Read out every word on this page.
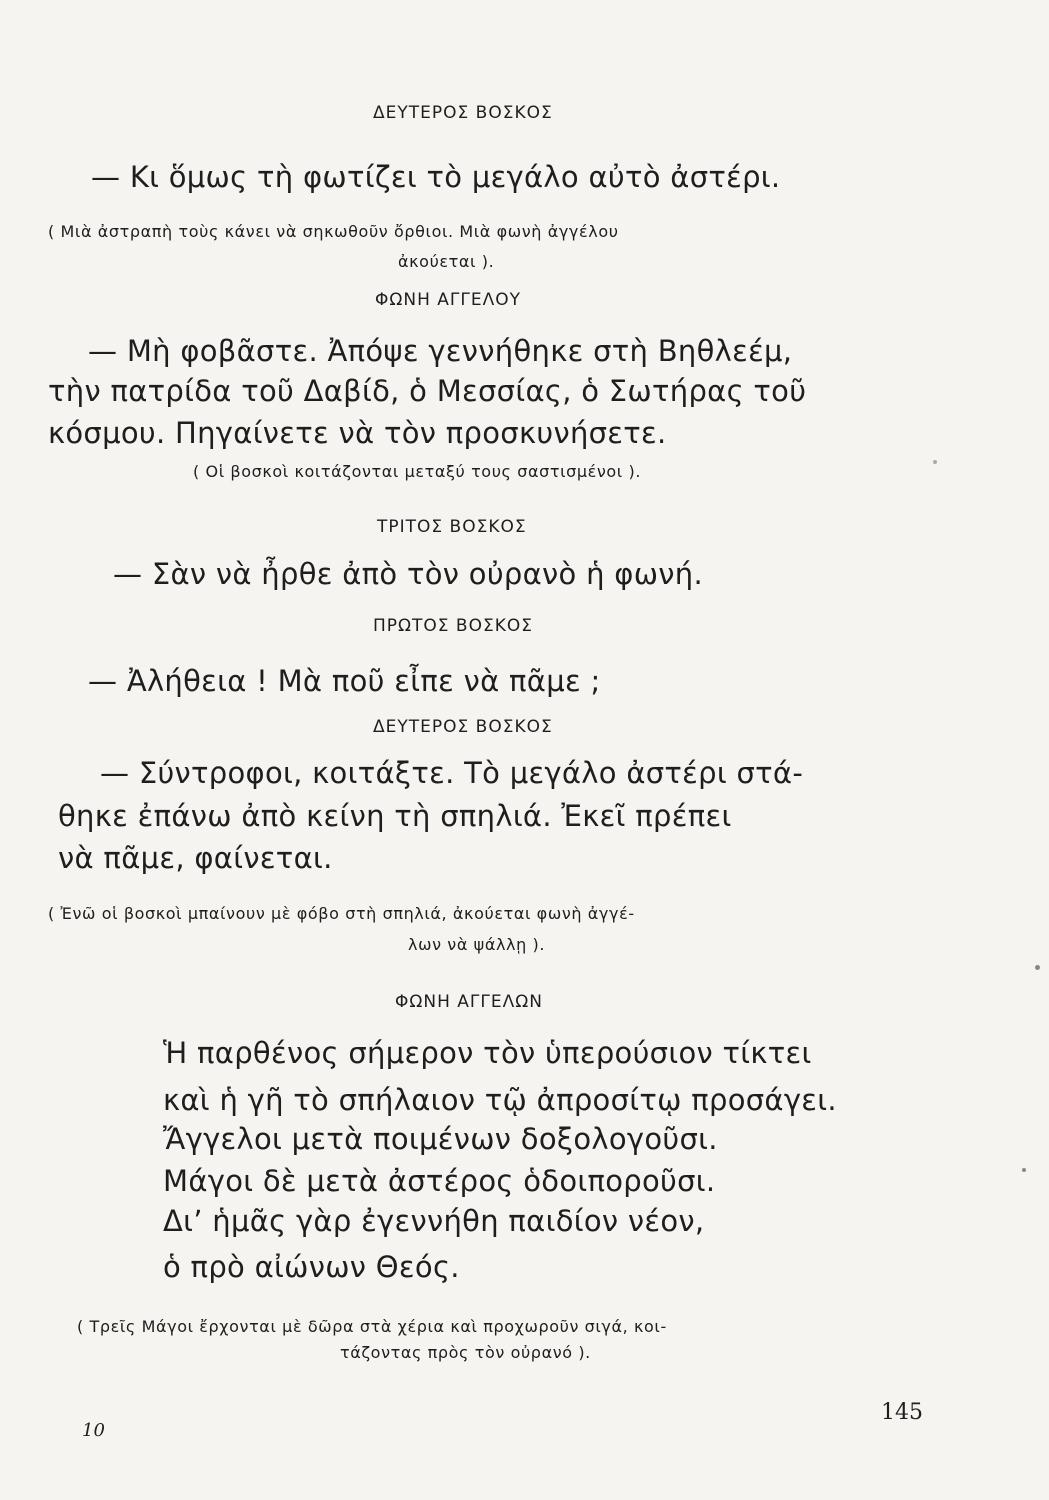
ΔΕΥΤΕΡΟΣ ΒΟΣΚΟΣ
— Κι ὅμως τὴ φωτίζει τὸ μεγάλο αὐτὸ ἀστέρι.
( Μιὰ ἀστραπὴ τοὺς κάνει νὰ σηκωθοῦν ὄρθιοι. Μιὰ φωνὴ ἀγγέλου
ἀκούεται ).
ΦΩΝΗ ΑΓΓΕΛΟΥ
— Μὴ φοβᾶστε. Ἀπόψε γεννήθηκε στὴ Βηθλεέμ,
τὴν πατρίδα τοῦ Δαβίδ, ὁ Μεσσίας, ὁ Σωτήρας τοῦ
κόσμου. Πηγαίνετε νὰ τὸν προσκυνήσετε.
( Οἱ βοσκοὶ κοιτάζονται μεταξύ τους σαστισμένοι ).
ΤΡΙΤΟΣ ΒΟΣΚΟΣ
— Σὰν νὰ ἦρθε ἀπὸ τὸν οὐρανὸ ἡ φωνή.
ΠΡΩΤΟΣ ΒΟΣΚΟΣ
— Ἀλήθεια ! Μὰ ποῦ εἶπε νὰ πᾶμε ;
ΔΕΥΤΕΡΟΣ ΒΟΣΚΟΣ
— Σύντροφοι, κοιτάξτε. Τὸ μεγάλο ἀστέρι στά-
θηκε ἐπάνω ἀπὸ κείνη τὴ σπηλιά. Ἐκεῖ πρέπει
νὰ πᾶμε, φαίνεται.
( Ἐνῶ οἱ βοσκοὶ μπαίνουν μὲ φόβο στὴ σπηλιά, ἀκούεται φωνὴ ἀγγέ-
λων νὰ ψάλλῃ ).
ΦΩΝΗ ΑΓΓΕΛΩΝ
Ἡ παρθένος σήμερον τὸν ὑπερούσιον τίκτει
καὶ ἡ γῆ τὸ σπήλαιον τῷ ἀπροσίτῳ προσάγει.
Ἄγγελοι μετὰ ποιμένων δοξολογοῦσι.
Μάγοι δὲ μετὰ ἀστέρος ὁδοιποροῦσι.
Δι’ ἡμᾶς γὰρ ἐγεννήθη παιδίον νέον,
ὁ πρὸ αἰώνων Θεός.
( Τρεῖς Μάγοι ἔρχονται μὲ δῶρα στὰ χέρια καὶ προχωροῦν σιγά, κοι-
τάζοντας πρὸς τὸν οὐρανό ).
10
145
